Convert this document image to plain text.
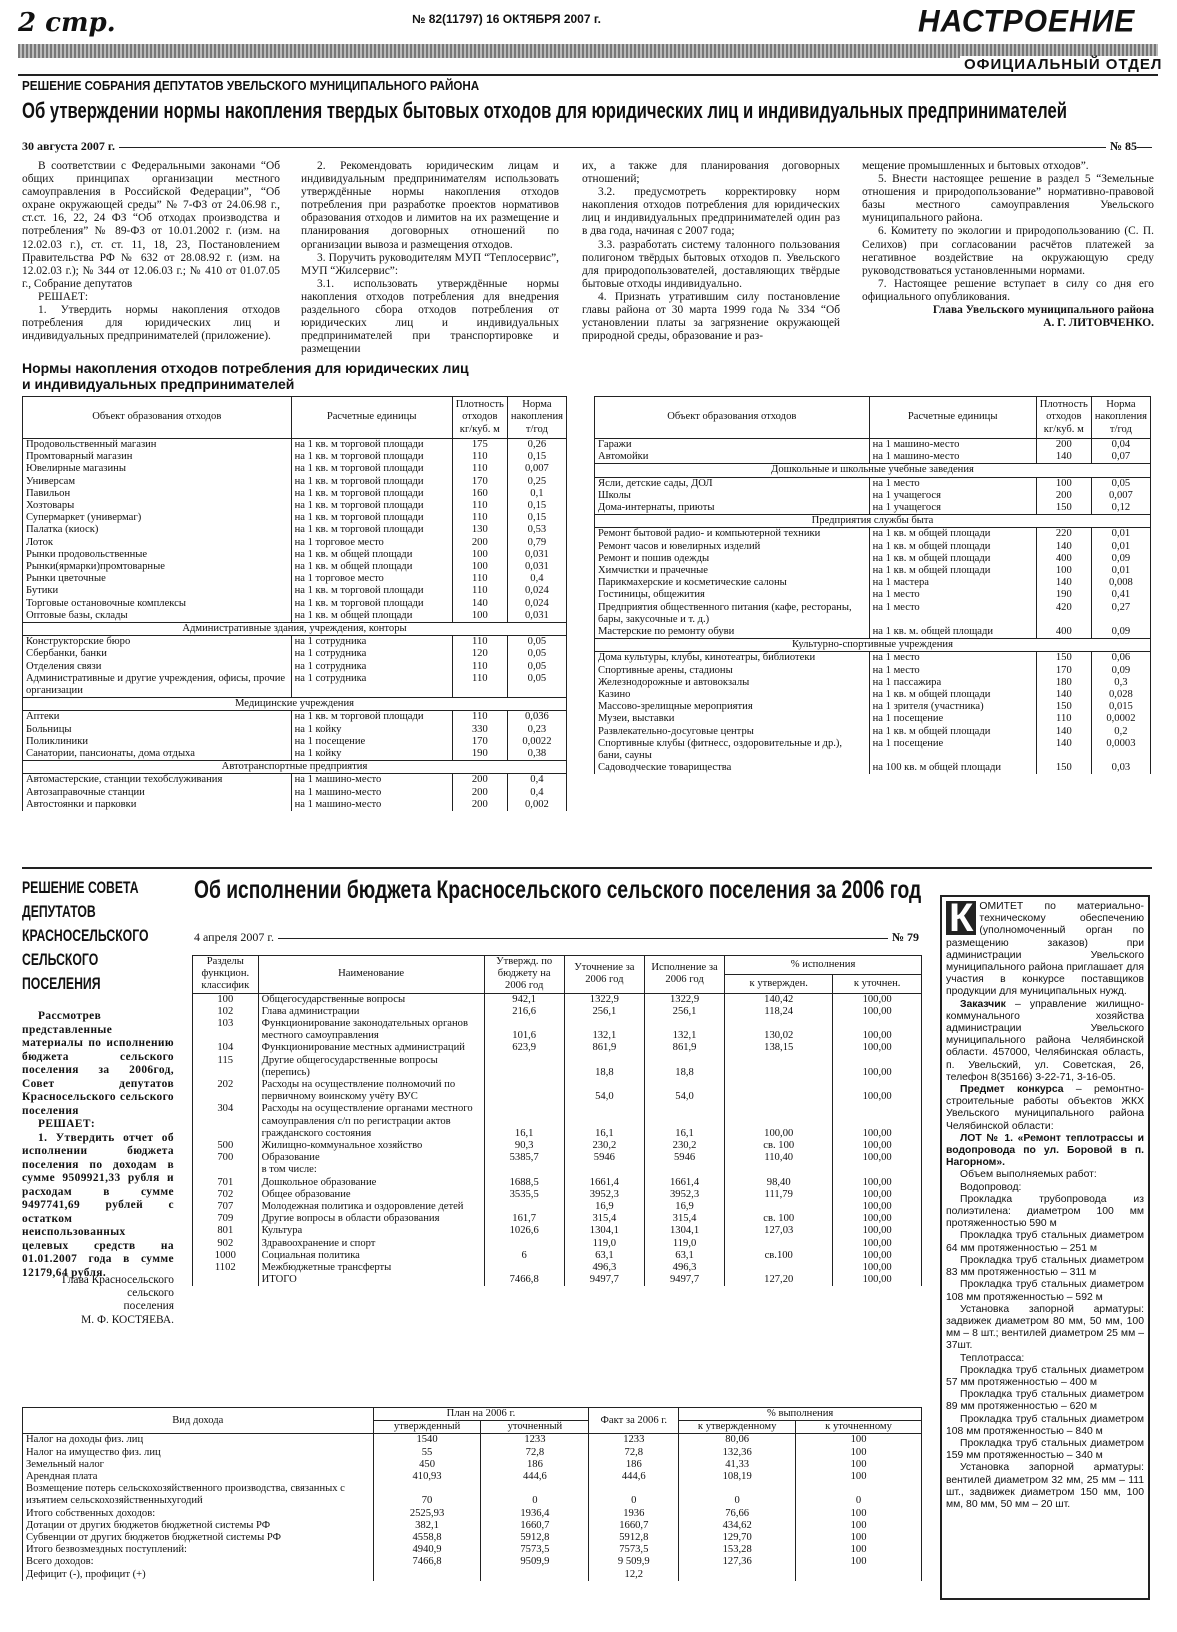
2 стр.	№ 82(11797) 16 ОКТЯБРЯ 2007 г.	НАСТРОЕНИЕ
ОФИЦИАЛЬНЫЙ ОТДЕЛ
РЕШЕНИЕ СОБРАНИЯ ДЕПУТАТОВ УВЕЛЬСКОГО МУНИЦИПАЛЬНОГО РАЙОНА
Об утверждении нормы накопления твердых бытовых отходов для юридических лиц и индивидуальных предпринимателей
30 августа 2007 г.	№ 85

В соответствии с Федеральными законами “Об общих принципах организации местного самоуправления в Российской Федерации”, “Об охране окружающей среды” № 7-ФЗ от 24.06.98 г., ст.ст. 16, 22, 24 ФЗ “Об отходах производства и потребления” № 89-ФЗ от 10.01.2002 г. (изм. на 12.02.03 г.), ст. ст. 11, 18, 23, Постановлением Правительства РФ № 632 от 28.08.92 г. (изм. на 12.02.03 г.); № 344 от 12.06.03 г.; № 410 от 01.07.05 г., Собрание депутатов

РЕШАЕТ:

1. Утвердить нормы накопления отходов потребления для юридических лиц и индивидуальных предпринимателей (приложение).

2. Рекомендовать юридическим лицам и индивидуальным предпринимателям использовать утверждённые нормы накопления отходов потребления при разработке проектов нормативов образования отходов и лимитов на их размещение и планирования договорных отношений по организации вывоза и размещения отходов.

3. Поручить руководителям МУП “Теплосервис”, МУП “Жилсервис”:

3.1. использовать утверждённые нормы накопления отходов потребления для внедрения раздельного сбора отходов потребления от юридических лиц и индивидуальных предпринимателей при транспортировке и размещении

их, а также для планирования договорных отношений;

3.2. предусмотреть корректировку норм накопления отходов потребления для юридических лиц и индивидуальных предпринимателей один раз в два года, начиная с 2007 года;

3.3. разработать систему талонного пользования полигоном твёрдых бытовых отходов п. Увельского для природопользователей, доставляющих твёрдые бытовые отходы индивидуально.

4. Признать утратившим силу постановление главы района от 30 марта 1999 года № 334 “Об установлении платы за загрязнение окружающей природной среды, образование и раз-

мещение промышленных и бытовых отходов”.

5. Внести настоящее решение в раздел 5 “Земельные отношения и природопользование” нормативно-правовой базы местного самоуправления Увельского муниципального района.

6. Комитету по экологии и природопользованию (С. П. Селихов) при согласовании расчётов платежей за негативное воздействие на окружающую среду руководствоваться установленными нормами.

7. Настоящее решение вступает в силу со дня его официального опубликования.

Глава Увельского муниципального района

А. Г. ЛИТОВЧЕНКО.

Нормы накопления отходов потребления для юридических лиц
и индивидуальных предпринимателей
Объект образования отходов	Расчетные единицы	Плотность отходов кг/куб. м	Норма накопления т/год
Продовольственный магазин	на 1 кв. м торговой площади	175	0,26
Промтоварный магазин	на 1 кв. м торговой площади	110	0,15
Ювелирные магазины	на 1 кв. м торговой площади	110	0,007
Универсам	на 1 кв. м торговой площади	170	0,25
Павильон	на 1 кв. м торговой площади	160	0,1
Хозтовары	на 1 кв. м торговой площади	110	0,15
Супермаркет (универмаг)	на 1 кв. м торговой площади	110	0,15
Палатка (киоск)	на 1 кв. м торговой площади	130	0,53
Лоток	на 1 торговое место	200	0,79
Рынки продовольственные	на 1 кв. м общей площади	100	0,031
Рынки(ярмарки)промтоварные	на 1 кв. м общей площади	100	0,031
Рынки цветочные	на 1 торговое место	110	0,4
Бутики	на 1 кв. м торговой площади	110	0,024
Торговые остановочные комплексы	на 1 кв. м торговой площади	140	0,024
Оптовые базы, склады	на 1 кв. м общей площади	100	0,031
Административные здания, учреждения, конторы			
Конструкторские бюро	на 1 сотрудника	110	0,05
Сбербанки, банки	на 1 сотрудника	120	0,05
Отделения связи	на 1 сотрудника	110	0,05
Административные и другие учреждения, офисы, прочие организации	на 1 сотрудника	110	0,05
Медицинские учреждения			
Аптеки	на 1 кв. м торговой площади	110	0,036
Больницы	на 1 койку	330	0,23
Поликлиники	на 1 посещение	170	0,0022
Санатории, пансионаты, дома отдыха	на 1 койку	190	0,38
Автотранспортные предприятия			
Автомастерские, станции техобслуживания	на 1 машино-место	200	0,4
Автозаправочные станции	на 1 машино-место	200	0,4
Автостоянки и парковки	на 1 машино-место	200	0,002
Объект образования отходов	Расчетные единицы	Плотность отходов кг/куб. м	Норма накопления т/год
Гаражи	на 1 машино-место	200	0,04
Автомойки	на 1 машино-место	140	0,07
Дошкольные и школьные учебные заведения			
Ясли, детские сады, ДОЛ	на 1 место	100	0,05
Школы	на 1 учащегося	200	0,007
Дома-интернаты, приюты	на 1 учащегося	150	0,12
Предприятия службы быта			
Ремонт бытовой радио- и компьютерной техники	на 1 кв. м общей площади	220	0,01
Ремонт часов и ювелирных изделий	на 1 кв. м общей площади	140	0,01
Ремонт и пошив одежды	на 1 кв. м общей площади	400	0,09
Химчистки и прачечные	на 1 кв. м общей площади	100	0,01
Парикмахерские и косметические салоны	на 1 мастера	140	0,008
Гостиницы, общежития	на 1 место	190	0,41
Предприятия общественного питания (кафе, рестораны, бары, закусочные и т. д.)	на 1 место	420	0,27
Мастерские по ремонту обуви	на 1 кв. м. общей площади	400	0,09
Культурно-спортивные учреждения			
Дома культуры, клубы, кинотеатры, библиотеки	на 1 место	150	0,06
Спортивные арены, стадионы	на 1 место	170	0,09
Железнодорожные и автовокзалы	на 1 пассажира	180	0,3
Казино	на 1 кв. м общей площади	140	0,028
Массово-зрелищные мероприятия	на 1 зрителя (участника)	150	0,015
Музеи, выставки	на 1 посещение	110	0,0002
Развлекательно-досуговые центры	на 1 кв. м общей площади	140	0,2
Спортивные клубы (фитнесс, оздоровительные и др.), бани, сауны	на 1 посещение	140	0,0003
Садоводческие товарищества	на 100 кв. м общей площади	150	0,03
РЕШЕНИЕ СОВЕТА
ДЕПУТАТОВ
КРАСНОСЕЛЬСКОГО
СЕЛЬСКОГО
ПОСЕЛЕНИЯ

Рассмотрев представленные материалы по исполнению бюджета сельского поселения за 2006год, Совет депутатов Красносельского сельского поселения

РЕШАЕТ:

1. Утвердить отчет об исполнении бюджета поселения по доходам в сумме 9509921,33 рубля и расходам в сумме 9497741,69 рублей с остатком неиспользованных целевых средств на 01.01.2007 года в сумме 12179,64 рубля.

Глава Красносельского
сельского
поселения
М. Ф. КОСТЯЕВА.
Об исполнении бюджета Красносельского сельского поселения за 2006 год
4 апреля 2007 г.	№ 79
Разделы функцион. классифик	Наименование	Утвержд. по бюджету на 2006 год	Уточнение за 2006 год	Исполнение за 2006 год	% исполнения	
					к утвержден.	к уточнен.
100	Общегосударственные вопросы	942,1	1322,9	1322,9	140,42	100,00
102	Глава администрации	216,6	256,1	256,1	118,24	100,00
103	Функционирование законодательных органов местного самоуправления	101,6	132,1	132,1	130,02	100,00
104	Функционирование местных администраций	623,9	861,9	861,9	138,15	100,00
115	Другие общегосударственные вопросы (перепись)		18,8	18,8		100,00
202	Расходы на осуществление полномочий по первичному воинскому учёту ВУС		54,0	54,0		100,00
304	Расходы на осуществление органами местного самоуправления с/п по регистрации актов гражданского состояния	16,1	16,1	16,1	100,00	100,00
500	Жилищно-коммунальное хозяйство	90,3	230,2	230,2	св. 100	100,00
700	Образование	5385,7	5946	5946	110,40	100,00
	в том числе:					
701	Дошкольное образование	1688,5	1661,4	1661,4	98,40	100,00
702	Общее образование	3535,5	3952,3	3952,3	111,79	100,00
707	Молодежная политика и оздоровление детей		16,9	16,9		100,00
709	Другие вопросы в области образования	161,7	315,4	315,4	св. 100	100,00
801	Культура	1026,6	1304,1	1304,1	127,03	100,00
902	Здравоохранение и спорт		119,0	119,0		100,00
1000	Социальная политика	6	63,1	63,1	св.100	100,00
1102	Межбюджетные трансферты		496,3	496,3		100,00
	ИТОГО	7466,8	9497,7	9497,7	127,20	100,00
Вид дохода	План на 2006 г.		Факт за 2006 г.	% выполнения	
	утвержденный	уточненный		к утвержденному	к уточненному
Налог на доходы физ. лиц	1540	1233	1233	80,06	100
Налог на имущество физ. лиц	55	72,8	72,8	132,36	100
Земельный налог	450	186	186	41,33	100
Арендная плата	410,93	444,6	444,6	108,19	100
Возмещение потерь сельскохозяйственного производства, связанных с изъятием сельскохозяйственныхугодий	70	0	0	0	0
Итого собственных доходов:	2525,93	1936,4	1936	76,66	100
Дотации от других бюджетов бюджетной системы РФ	382,1	1660,7	1660,7	434,62	100
Субвенции от других бюджетов бюджетной системы РФ	4558,8	5912,8	5912,8	129,70	100
Итого безвозмездных поступлений:	4940,9	7573,5	7573,5	153,28	100
Всего доходов:	7466,8	9509,9	9 509,9	127,36	100
Дефицит (-), профицит (+)			12,2		

К ОМИТЕТ по материально-техническому обеспечению (уполномоченный орган по размещению заказов) при администрации Увельского муниципального района приглашает для участия в конкурсе поставщиков продукции для муниципальных нужд.

Заказчик – управление жилищно-коммунального хозяйства администрации Увельского муниципального района Челябинской области. 457000, Челябинская область, п. Увельский, ул. Советская, 26, телефон 8(35166) 3-22-71, 3-16-05.

Предмет конкурса – ремонтно-строительные работы объектов ЖКХ Увельского муниципального района Челябинской области:

ЛОТ № 1. «Ремонт теплотрассы и водопровода по ул. Боровой в п. Нагорном».

Объем выполняемых работ:

Водопровод:

Прокладка трубопровода из полиэтилена: диаметром 100 мм протяженностью 590 м

Прокладка труб стальных диаметром 64 мм протяженностью – 251 м

Прокладка труб стальных диаметром 83 мм протяженностью – 311 м

Прокладка труб стальных диаметром 108 мм протяженностью – 592 м

Установка запорной арматуры: задвижек диаметром 80 мм, 50 мм, 100 мм – 8 шт.; вентилей диаметром 25 мм – 37шт.

Теплотрасса:

Прокладка труб стальных диаметром 57 мм протяженностью – 400 м

Прокладка труб стальных диаметром 89 мм протяженностью – 620 м

Прокладка труб стальных диаметром 108 мм протяженностью – 840 м

Прокладка труб стальных диаметром 159 мм протяженностью – 340 м

Установка запорной арматуры: вентилей диаметром 32 мм, 25 мм – 111 шт., задвижек диаметром 150 мм, 100 мм, 80 мм, 50 мм – 20 шт.
